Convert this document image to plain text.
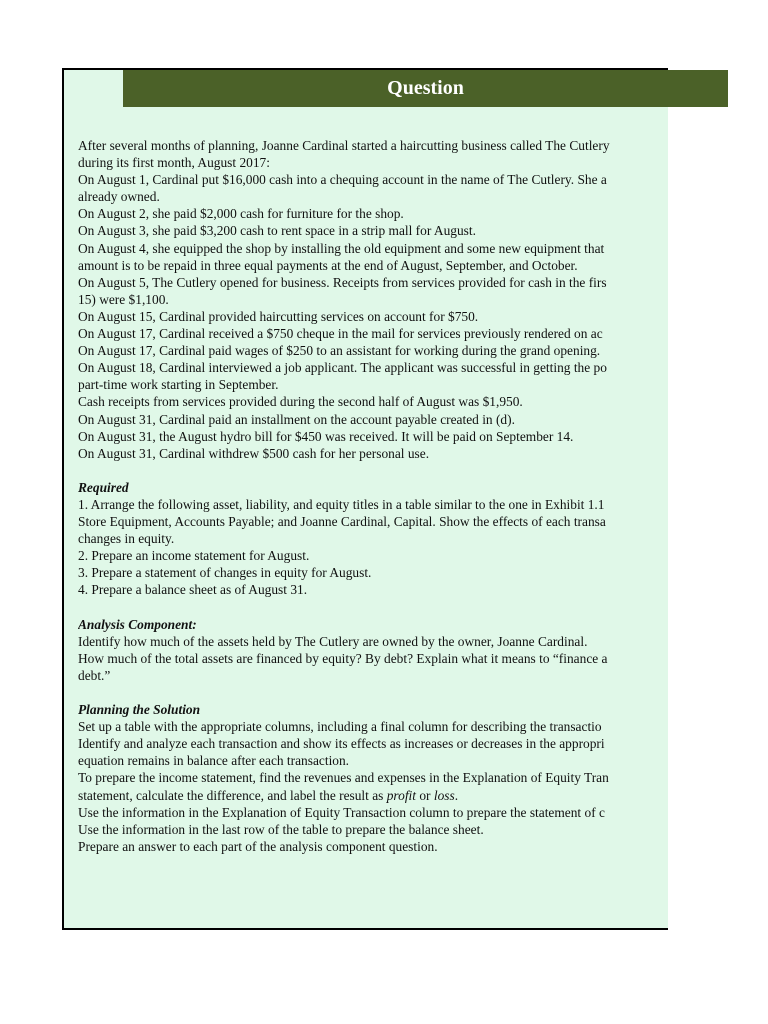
Question
After several months of planning, Joanne Cardinal started a haircutting business called The Cutlery
during its first month, August 2017:
On August 1, Cardinal put $16,000 cash into a chequing account in the name of The Cutlery. She a
already owned.
On August 2, she paid $2,000 cash for furniture for the shop.
On August 3, she paid $3,200 cash to rent space in a strip mall for August.
On August 4, she equipped the shop by installing the old equipment and some new equipment that
amount is to be repaid in three equal payments at the end of August, September, and October.
On August 5, The Cutlery opened for business. Receipts from services provided for cash in the firs
15) were $1,100.
On August 15, Cardinal provided haircutting services on account for $750.
On August 17, Cardinal received a $750 cheque in the mail for services previously rendered on ac
On August 17, Cardinal paid wages of $250 to an assistant for working during the grand opening.
On August 18, Cardinal interviewed a job applicant. The applicant was successful in getting the po
part-time work starting in September.
Cash receipts from services provided during the second half of August was $1,950.
On August 31, Cardinal paid an installment on the account payable created in (d).
On August 31, the August hydro bill for $450 was received. It will be paid on September 14.
On August 31, Cardinal withdrew $500 cash for her personal use.
Required
1. Arrange the following asset, liability, and equity titles in a table similar to the one in Exhibit 1.1
Store Equipment, Accounts Payable; and Joanne Cardinal, Capital. Show the effects of each transa
changes in equity.
2. Prepare an income statement for August.
3. Prepare a statement of changes in equity for August.
4. Prepare a balance sheet as of August 31.
Analysis Component:
Identify how much of the assets held by The Cutlery are owned by the owner, Joanne Cardinal.
How much of the total assets are financed by equity? By debt? Explain what it means to “finance a
debt.”
Planning the Solution
Set up a table with the appropriate columns, including a final column for describing the transactio
Identify and analyze each transaction and show its effects as increases or decreases in the appropri
equation remains in balance after each transaction.
To prepare the income statement, find the revenues and expenses in the Explanation of Equity Tran
statement, calculate the difference, and label the result as profit or loss.
Use the information in the Explanation of Equity Transaction column to prepare the statement of c
Use the information in the last row of the table to prepare the balance sheet.
Prepare an answer to each part of the analysis component question.
